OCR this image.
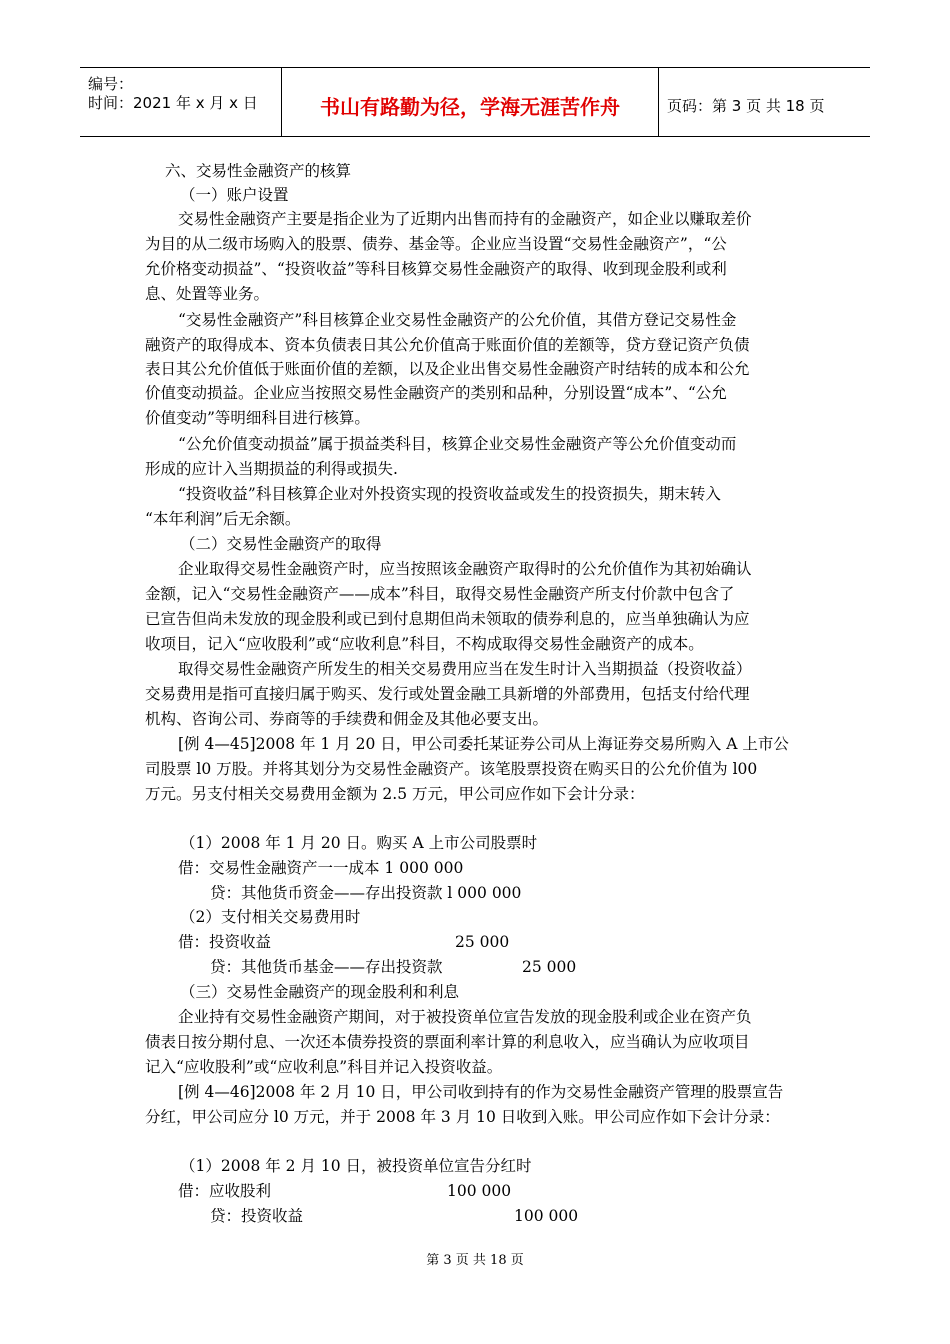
编号：
时间：2021 年 x 月 x 日	书山有路勤为径，学海无涯苦作舟	页码：第 3 页 共 18 页
六、交易性金融资产的核算
（一）账户设置
交易性金融资产主要是指企业为了近期内出售而持有的金融资产，如企业以赚取差价
为目的从二级市场购入的股票、债券、基金等。企业应当设置“交易性金融资产”，“公
允价格变动损益”、“投资收益”等科目核算交易性金融资产的取得、收到现金股利或利
息、处置等业务。
“交易性金融资产”科目核算企业交易性金融资产的公允价值，其借方登记交易性金
融资产的取得成本、资本负债表日其公允价值高于账面价值的差额等，贷方登记资产负债
表日其公允价值低于账面价值的差额，以及企业出售交易性金融资产时结转的成本和公允
价值变动损益。企业应当按照交易性金融资产的类别和品种，分别设置“成本”、“公允
价值变动”等明细科目进行核算。
“公允价值变动损益”属于损益类科目，核算企业交易性金融资产等公允价值变动而
形成的应计入当期损益的利得或损失.
“投资收益”科目核算企业对外投资实现的投资收益或发生的投资损失，期末转入
“本年利润”后无余额。
（二）交易性金融资产的取得
企业取得交易性金融资产时，应当按照该金融资产取得时的公允价值作为其初始确认
金额，记入“交易性金融资产——成本”科目，取得交易性金融资产所支付价款中包含了
已宣告但尚未发放的现金股利或已到付息期但尚未领取的债券利息的，应当单独确认为应
收项目，记入“应收股利”或“应收利息”科目，不构成取得交易性金融资产的成本。
取得交易性金融资产所发生的相关交易费用应当在发生时计入当期损益（投资收益）
交易费用是指可直接归属于购买、发行或处置金融工具新增的外部费用，包括支付给代理
机构、咨询公司、券商等的手续费和佣金及其他必要支出。
[例 4—45]2008 年 1 月 20 日，甲公司委托某证券公司从上海证券交易所购入 A 上市公
司股票 l0 万股。并将其划分为交易性金融资产。该笔股票投资在购买日的公允价值为 l00
万元。另支付相关交易费用金额为 2.5 万元，甲公司应作如下会计分录：
（1）2008 年 1 月 20 日。购买 A 上市公司股票时
借：交易性金融资产一一成本 1 000 000
贷：其他货币资金——存出投资款 l 000 000
（2）支付相关交易费用时
借：投资收益	25 000
贷：其他货币基金——存出投资款	25 000
（三）交易性金融资产的现金股利和利息
企业持有交易性金融资产期间，对于被投资单位宣告发放的现金股利或企业在资产负
债表日按分期付息、一次还本债券投资的票面利率计算的利息收入，应当确认为应收项目
记入“应收股利”或“应收利息”科目并记入投资收益。
[例 4—46]2008 年 2 月 10 日，甲公司收到持有的作为交易性金融资产管理的股票宣告
分红，甲公司应分 l0 万元，并于 2008 年 3 月 10 日收到入账。甲公司应作如下会计分录：
（1）2008 年 2 月 10 日，被投资单位宣告分红时
借：应收股利	100 000
贷：投资收益	100 000
第 3 页 共 18 页
